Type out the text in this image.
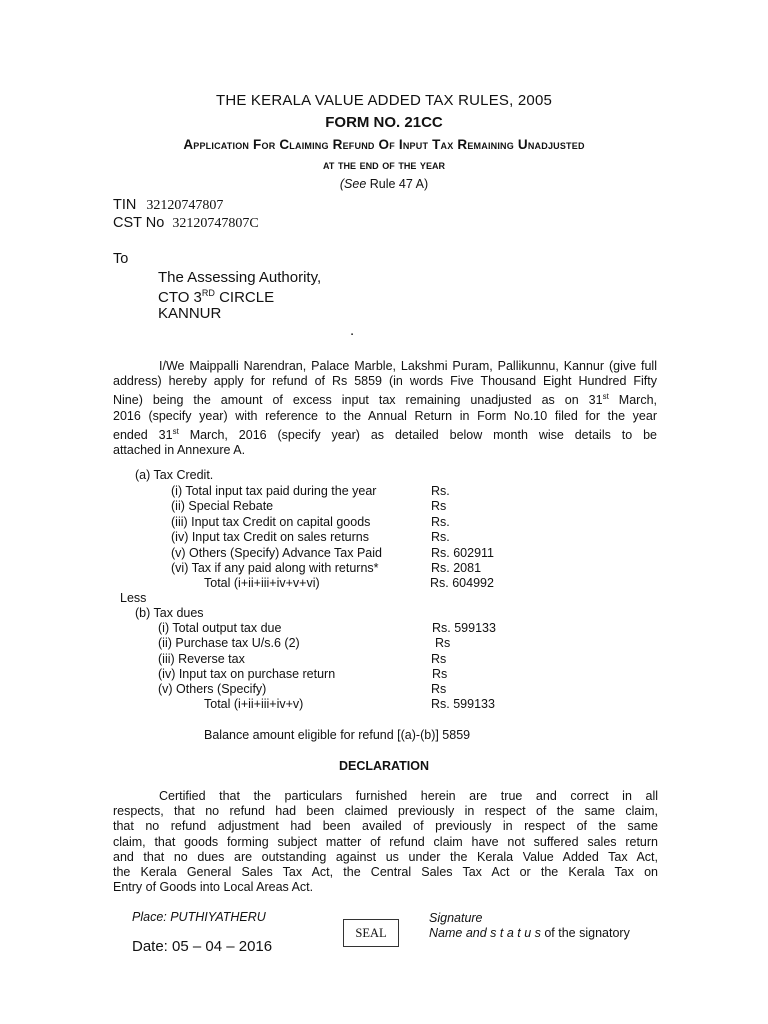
THE KERALA VALUE ADDED TAX RULES, 2005
FORM NO. 21CC
Application For Claiming Refund Of Input Tax Remaining Unadjusted
at the end of the year
(See Rule 47 A)
TIN 32120747807
CST No 32120747807C
To
The Assessing Authority,
CTO 3RD CIRCLE
KANNUR
.
I/We Maippalli Narendran, Palace Marble, Lakshmi Puram, Pallikunnu, Kannur (give full
address) hereby apply for refund of Rs 5859 (in words Five Thousand Eight Hundred Fifty
Nine) being the amount of excess input tax remaining unadjusted as on 31st March,
2016 (specify year) with reference to the Annual Return in Form No.10 filed for the year
ended 31st March, 2016 (specify year) as detailed below month wise details to be
attached in Annexure A.
(a) Tax Credit.
(i) Total input tax paid during the year	Rs.
(ii) Special Rebate	Rs
(iii) Input tax Credit on capital goods	Rs.
(iv) Input tax Credit on sales returns	Rs.
(v) Others (Specify) Advance Tax Paid	Rs. 602911
(vi) Tax if any paid along with returns*	Rs. 2081
Total (i+ii+iii+iv+v+vi)	Rs. 604992
Less
(b) Tax dues
(i) Total output tax due	Rs. 599133
(ii) Purchase tax U/s.6 (2)	Rs
(iii) Reverse tax	Rs
(iv) Input tax on purchase return	Rs
(v) Others (Specify)	Rs
Total (i+ii+iii+iv+v)	Rs. 599133
Balance amount eligible for refund [(a)-(b)] 5859
DECLARATION
Certified that the particulars furnished herein are true and correct in all
respects, that no refund had been claimed previously in respect of the same claim,
that no refund adjustment had been availed of previously in respect of the same
claim, that goods forming subject matter of refund claim have not suffered sales return
and that no dues are outstanding against us under the Kerala Value Added Tax Act,
the Kerala General Sales Tax Act, the Central Sales Tax Act or the Kerala Tax on
Entry of Goods into Local Areas Act.
Place: PUTHIYATHERU
Date: 05 – 04 – 2016
SEAL
Signature
Name and s t a t u s of the signatory
